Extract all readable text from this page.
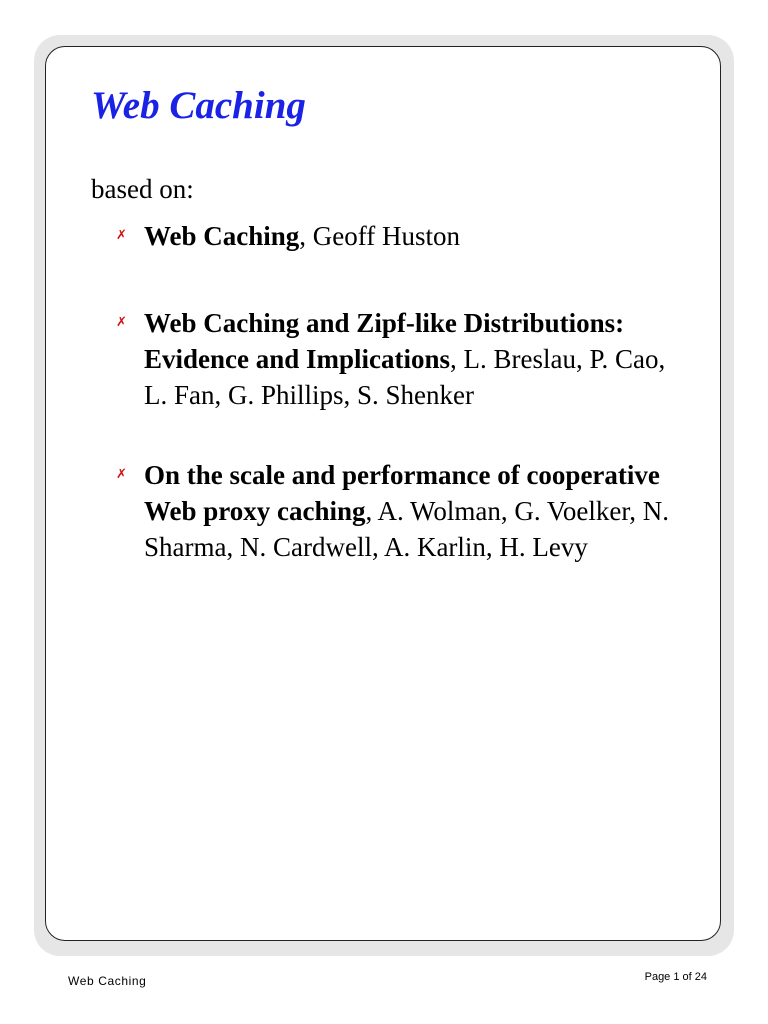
Web Caching

based on:

✗ Web Caching, Geoff Huston
✗ Web Caching and Zipf-like Distributions: Evidence and Implications, L. Breslau, P. Cao, L. Fan, G. Phillips, S. Shenker
✗ On the scale and performance of cooperative Web proxy caching, A. Wolman, G. Voelker, N. Sharma, N. Cardwell, A. Karlin, H. Levy
Web Caching	Page 1 of 24
